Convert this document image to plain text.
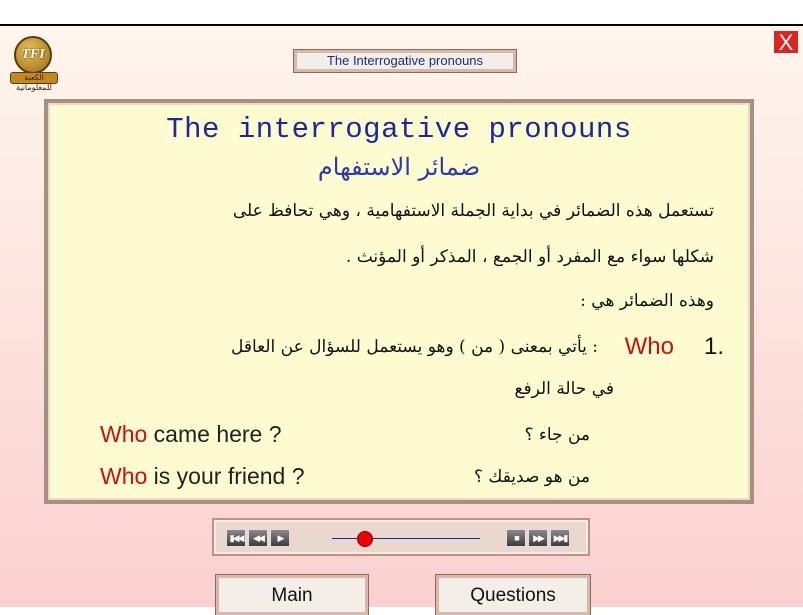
X
TFI
الكعبة للمعلوماتية
The Interrogative pronouns
The interrogative pronouns
ضمائر الاستفهام
تستعمل هذه الضمائر في بداية الجملة الاستفهامية ، وهي تحافظ على
شكلها سواء مع المفرد أو الجمع ، المذكر أو المؤنث .
وهذه الضمائر هي :
1.
Who
: يأتي بمعنى ( من ) وهو يستعمل للسؤال عن العاقل
في حالة الرفع
Who came here ?	من جاء ؟
Who is your friend ?	من هو صديقك ؟
▮◀◀	◀◀	▶	■	▶▶	▶▶▮
Main	Questions
